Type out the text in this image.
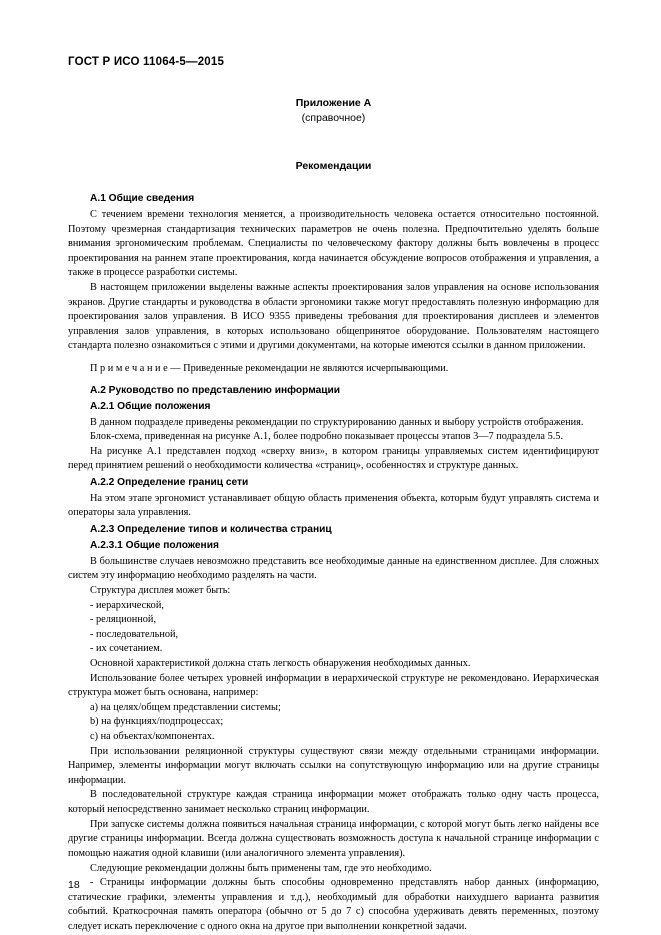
ГОСТ Р ИСО 11064-5—2015
Приложение А
(справочное)
Рекомендации

А.1 Общие сведения

С течением времени технология меняется, а производительность человека остается относительно постоянной. Поэтому чрезмерная стандартизация технических параметров не очень полезна. Предпочтительно уделять больше внимания эргономическим проблемам. Специалисты по человеческому фактору должны быть вовлечены в процесс проектирования на раннем этапе проектирования, когда начинается обсуждение вопросов отображения и управления, а также в процессе разработки системы.

В настоящем приложении выделены важные аспекты проектирования залов управления на основе использования экранов. Другие стандарты и руководства в области эргономики также могут предоставлять полезную информацию для проектирования залов управления. В ИСО 9355 приведены требования для проектирования дисплеев и элементов управления залов управления, в которых использовано общепринятое оборудование. Пользователям настоящего стандарта полезно ознакомиться с этими и другими документами, на которые имеются ссылки в данном приложении.

П р и м е ч а н и е — Приведенные рекомендации не являются исчерпывающими.

А.2 Руководство по представлению информации

А.2.1 Общие положения

В данном подразделе приведены рекомендации по структурированию данных и выбору устройств отображения.

Блок-схема, приведенная на рисунке А.1, более подробно показывает процессы этапов 3—7 подраздела 5.5.

На рисунке А.1 представлен подход «сверху вниз», в котором границы управляемых систем идентифицируют перед принятием решений о необходимости количества «страниц», особенностях и структуре данных.

А.2.2 Определение границ сети

На этом этапе эргономист устанавливает общую область применения объекта, которым будут управлять система и операторы зала управления.

А.2.3 Определение типов и количества страниц

А.2.3.1 Общие положения

В большинстве случаев невозможно представить все необходимые данные на единственном дисплее. Для сложных систем эту информацию необходимо разделять на части.

Структура дисплея может быть:

- иерархической,

- реляционной,

- последовательной,

- их сочетанием.

Основной характеристикой должна стать легкость обнаружения необходимых данных.

Использование более четырех уровней информации в иерархической структуре не рекомендовано. Иерархическая структура может быть основана, например:

a) на целях/общем представлении системы;

b) на функциях/подпроцессах;

c) на объектах/компонентах.

При использовании реляционной структуры существуют связи между отдельными страницами информации. Например, элементы информации могут включать ссылки на сопутствующую информацию или на другие страницы информации.

В последовательной структуре каждая страница информации может отображать только одну часть процесса, который непосредственно занимает несколько страниц информации.

При запуске системы должна появиться начальная страница информации, с которой могут быть легко найдены все другие страницы информации. Всегда должна существовать возможность доступа к начальной странице информации с помощью нажатия одной клавиши (или аналогичного элемента управления).

Следующие рекомендации должны быть применены там, где это необходимо.

- Страницы информации должны быть способны одновременно представлять набор данных (информацию, статические графики, элементы управления и т.д.), необходимый для обработки наихудшего варианта развития событий. Краткосрочная память оператора (обычно от 5 до 7 с) способна удерживать девять переменных, поэтому следует искать переключение с одного окна на другое при выполнении конкретной задачи.

18
